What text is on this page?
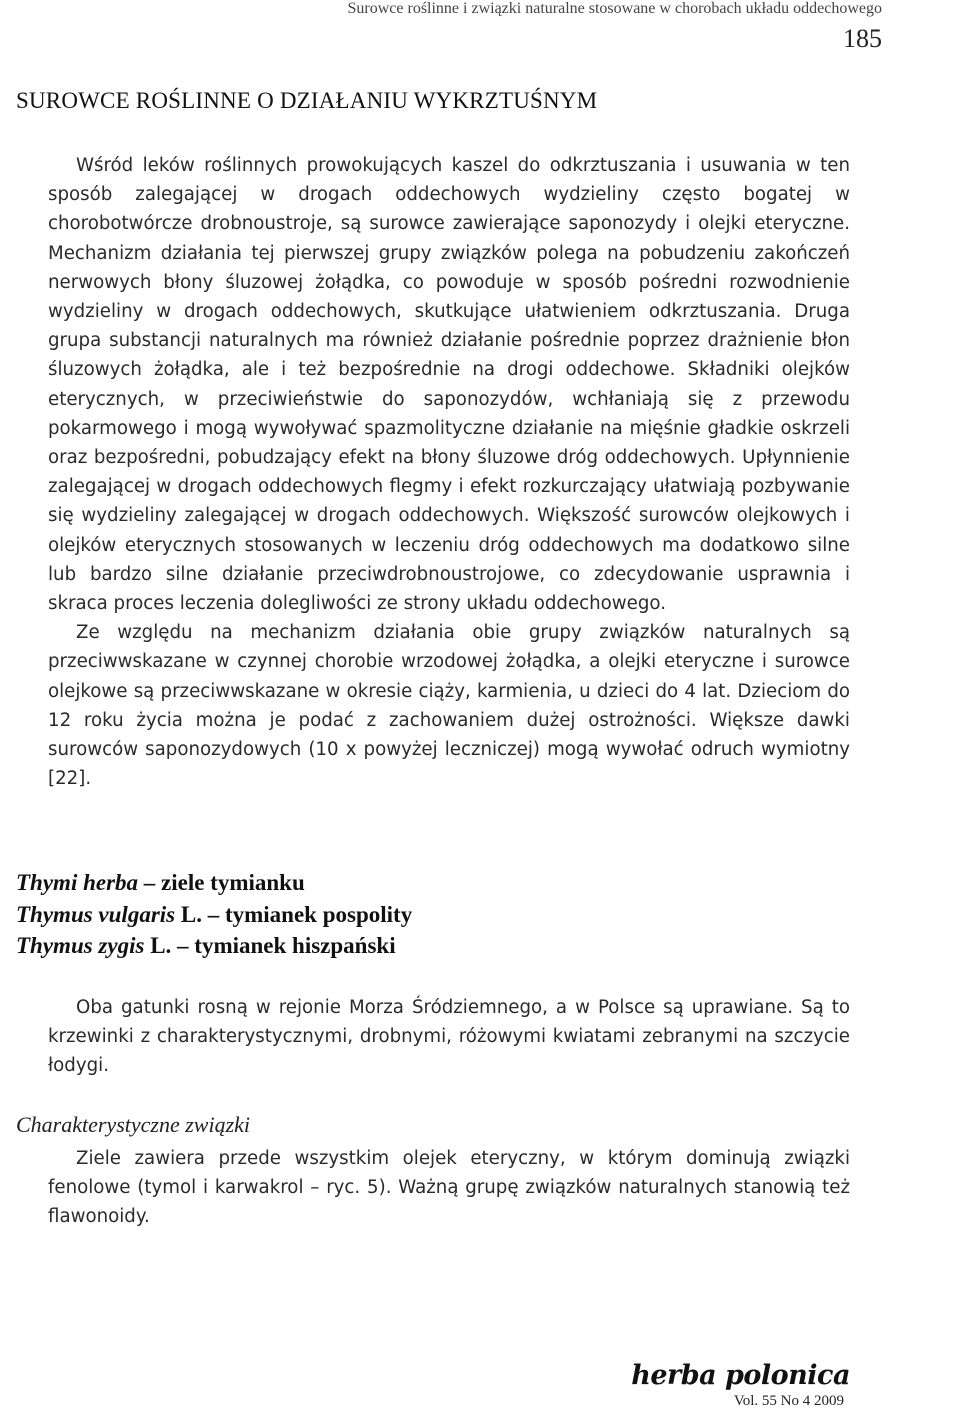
Surowce roślinne i związki naturalne stosowane w chorobach układu oddechowego
185
SUROWCE ROŚLINNE O DZIAŁANIU WYKRZTUŚNYM

Wśród leków roślinnych prowokujących kaszel do odkrztuszania i usuwania w ten sposób zalegającej w drogach oddechowych wydzieliny często bogatej w chorobotwórcze drobnoustroje, są surowce zawierające saponozydy i olejki eteryczne. Mechanizm działania tej pierwszej grupy związków polega na pobudzeniu zakończeń nerwowych błony śluzowej żołądka, co powoduje w sposób pośredni rozwodnienie wydzieliny w drogach oddechowych, skutkujące ułatwieniem odkrztuszania. Druga grupa substancji naturalnych ma również działanie pośrednie poprzez drażnienie błon śluzowych żołądka, ale i też bezpośrednie na drogi oddechowe. Składniki olejków eterycznych, w przeciwieństwie do saponozydów, wchłaniają się z przewodu pokarmowego i mogą wywoływać spazmolityczne działanie na mięśnie gładkie oskrzeli oraz bezpośredni, pobudzający efekt na błony śluzowe dróg oddechowych. Upłynnienie zalegającej w drogach oddechowych flegmy i efekt rozkurczający ułatwiają pozbywanie się wydzieliny zalegającej w drogach oddechowych. Większość surowców olejkowych i olejków eterycznych stosowanych w leczeniu dróg oddechowych ma dodatkowo silne lub bardzo silne działanie przeciwdrobnoustrojowe, co zdecydowanie usprawnia i skraca proces leczenia dolegliwości ze strony układu oddechowego.

Ze względu na mechanizm działania obie grupy związków naturalnych są przeciwwskazane w czynnej chorobie wrzodowej żołądka, a olejki eteryczne i surowce olejkowe są przeciwwskazane w okresie ciąży, karmienia, u dzieci do 4 lat. Dzieciom do 12 roku życia można je podać z zachowaniem dużej ostrożności. Większe dawki surowców saponozydowych (10 x powyżej leczniczej) mogą wywołać odruch wymiotny [22].

Thymi herba – ziele tymianku
Thymus vulgaris L. – tymianek pospolity
Thymus zygis L. – tymianek hiszpański

Oba gatunki rosną w rejonie Morza Śródziemnego, a w Polsce są uprawiane. Są to krzewinki z charakterystycznymi, drobnymi, różowymi kwiatami zebranymi na szczycie łodygi.

Charakterystyczne związki

Ziele zawiera przede wszystkim olejek eteryczny, w którym dominują związki fenolowe (tymol i karwakrol – ryc. 5). Ważną grupę związków naturalnych stanowią też flawonoidy.

herba polonica
Vol. 55 No 4 2009
